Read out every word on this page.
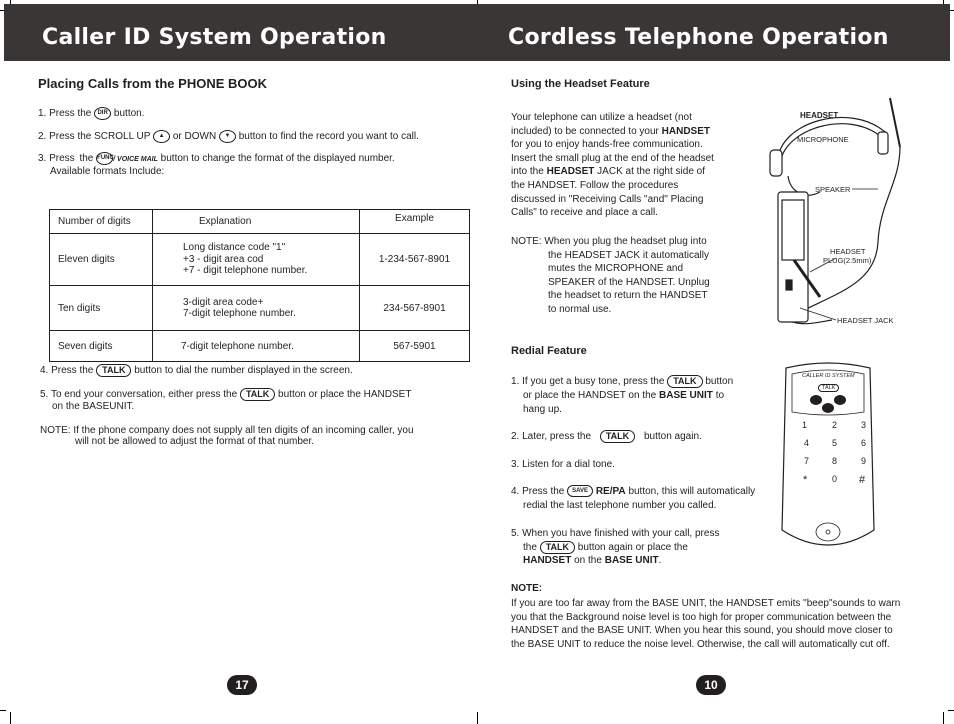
Caller ID System Operation	Cordless Telephone Operation
Placing Calls from the PHONE BOOK
1. Press the DIR button.
2. Press the SCROLL UP ▲ or DOWN ▼ button to find the record you want to call.
3. Press the FUNC/ VOICE MAIL button to change the format of the displayed number.
Available formats Include:
Number of digits	Explanation	Example
Eleven digits	Long distance code "1"
+3 - digit area cod
+7 - digit telephone number.	1-234-567-8901
Ten digits	3-digit area code+
7-digit telephone number.	234-567-8901
Seven digits	7-digit telephone number.	567-5901
4. Press the TALK button to dial the number displayed in the screen.
5. To end your conversation, either press the TALK button or place the HANDSET
on the BASEUNIT.
NOTE: If the phone company does not supply all ten digits of an incoming caller, you
will not be allowed to adjust the format of that number.
17
Using the Headset Feature
Your telephone can utilize a headset (not
included) to be connected to your HANDSET
for you to enjoy hands-free communication.
Insert the small plug at the end of the headset
into the HEADSET JACK at the right side of
the HANDSET. Follow the procedures
discussed in "Receiving Calls "and" Placing
Calls" to receive and place a call.
NOTE: When you plug the headset plug into
the HEADSET JACK it automatically
mutes the MICROPHONE and
SPEAKER of the HANDSET. Unplug
the headset to return the HANDSET
to normal use.
HEADSET
MICROPHONE
SPEAKER
HEADSET
PLUG(2.5mm)
HEADSET JACK
Redial Feature
1. If you get a busy tone, press the TALK button
or place the HANDSET on the BASE UNIT to
hang up.
2. Later, press the TALK button again.
3. Listen for a dial tone.
4. Press the SAVE RE/PA button, this will automatically
redial the last telephone number you called.
5. When you have finished with your call, press
the TALK button again or place the
HANDSET on the BASE UNIT.
CALLER ID SYSTEM
TALK
1	2	3
4	5	6
7	8	9
*	0 #
NOTE:
If you are too far away from the BASE UNIT, the HANDSET emits "beep"sounds to warn
you that the Background noise level is too high for proper communication between the
HANDSET and the BASE UNIT. When you hear this sound, you should move closer to
the BASE UNIT to reduce the noise level. Otherwise, the call will automatically cut off.
10
